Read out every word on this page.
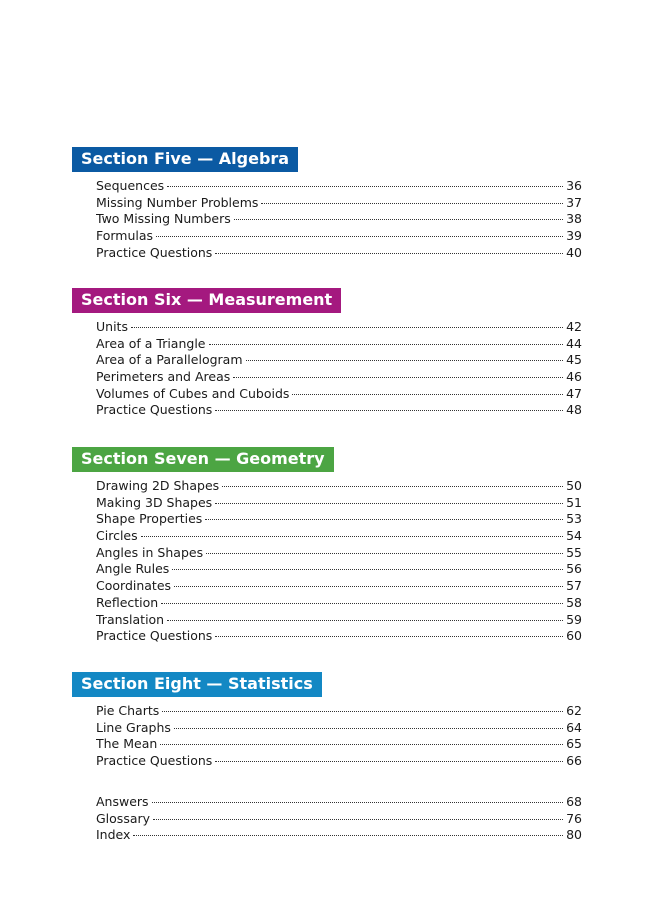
Section Five — Algebra
Sequences	36
Missing Number Problems	37
Two Missing Numbers	38
Formulas	39
Practice Questions	40
Section Six — Measurement
Units	42
Area of a Triangle	44
Area of a Parallelogram	45
Perimeters and Areas	46
Volumes of Cubes and Cuboids	47
Practice Questions	48
Section Seven — Geometry
Drawing 2D Shapes	50
Making 3D Shapes	51
Shape Properties	53
Circles	54
Angles in Shapes	55
Angle Rules	56
Coordinates	57
Reflection	58
Translation	59
Practice Questions	60
Section Eight — Statistics
Pie Charts	62
Line Graphs	64
The Mean	65
Practice Questions	66
Answers	68
Glossary	76
Index	80
